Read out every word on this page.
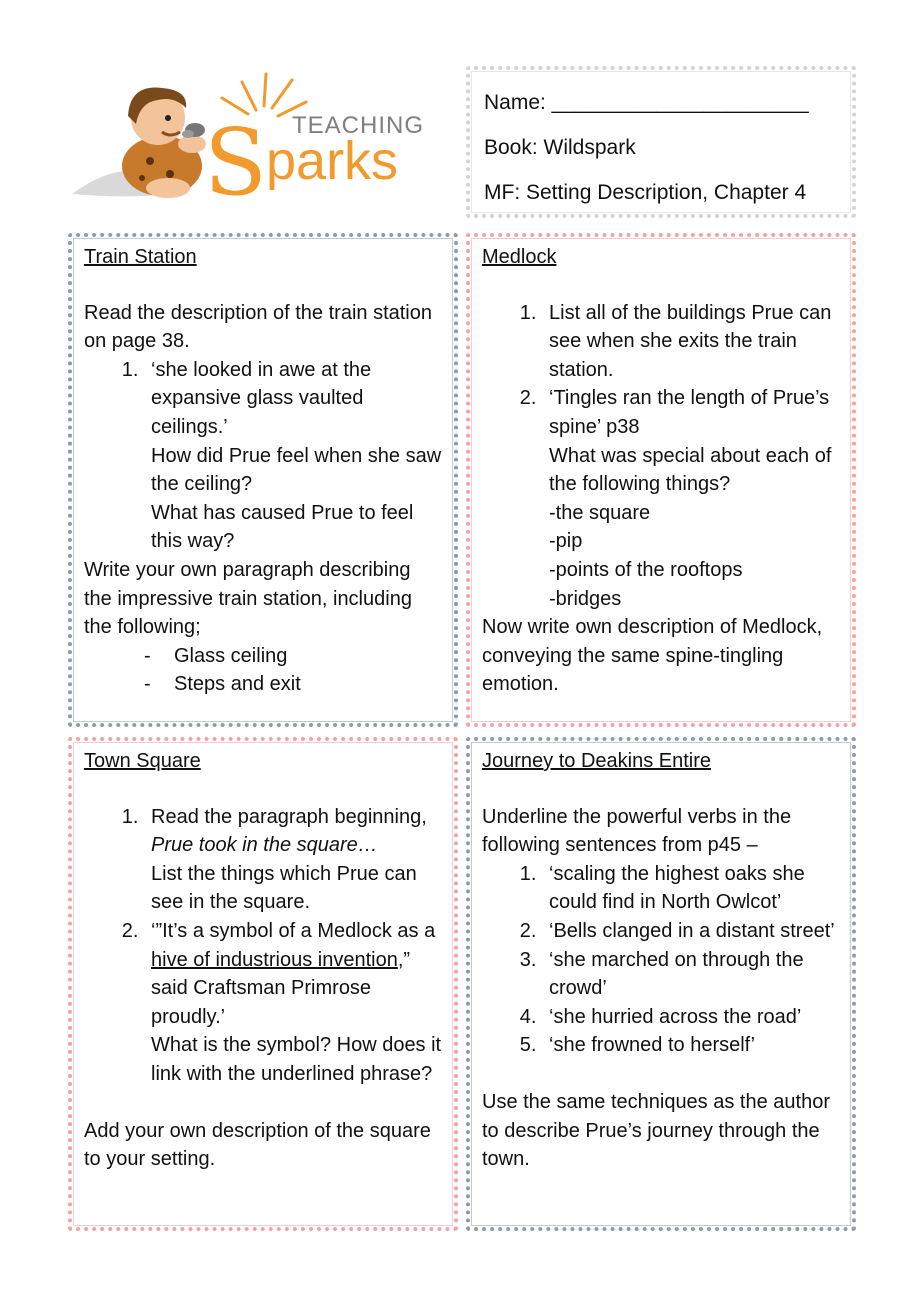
S TEACHING
parks
Name: ______________________
Book: Wildspark
MF: Setting Description, Chapter 4

Train Station

Read the description of the train station on page 38.

1. ‘she looked in awe at the expansive glass vaulted ceilings.’
How did Prue feel when she saw the ceiling?
What has caused Prue to feel this way?

Write your own paragraph describing the impressive train station, including the following;

- Glass ceiling
- Steps and exit

Medlock

1. List all of the buildings Prue can see when she exits the train station.
2. ‘Tingles ran the length of Prue’s spine’ p38
What was special about each of the following things?
-the square
-pip
-points of the rooftops
-bridges

Now write own description of Medlock, conveying the same spine-tingling emotion.

Town Square

1. Read the paragraph beginning,
Prue took in the square…
List the things which Prue can see in the square.
2. ‘”It’s a symbol of a Medlock as a hive of industrious invention,” said Craftsman Primrose proudly.’
What is the symbol? How does it link with the underlined phrase?

Add your own description of the square to your setting.

Journey to Deakins Entire

Underline the powerful verbs in the following sentences from p45 –

1. ‘scaling the highest oaks she could find in North Owlcot’
2. ‘Bells clanged in a distant street’
3. ‘she marched on through the crowd’
4. ‘she hurried across the road’
5. ‘she frowned to herself’

Use the same techniques as the author to describe Prue’s journey through the town.
